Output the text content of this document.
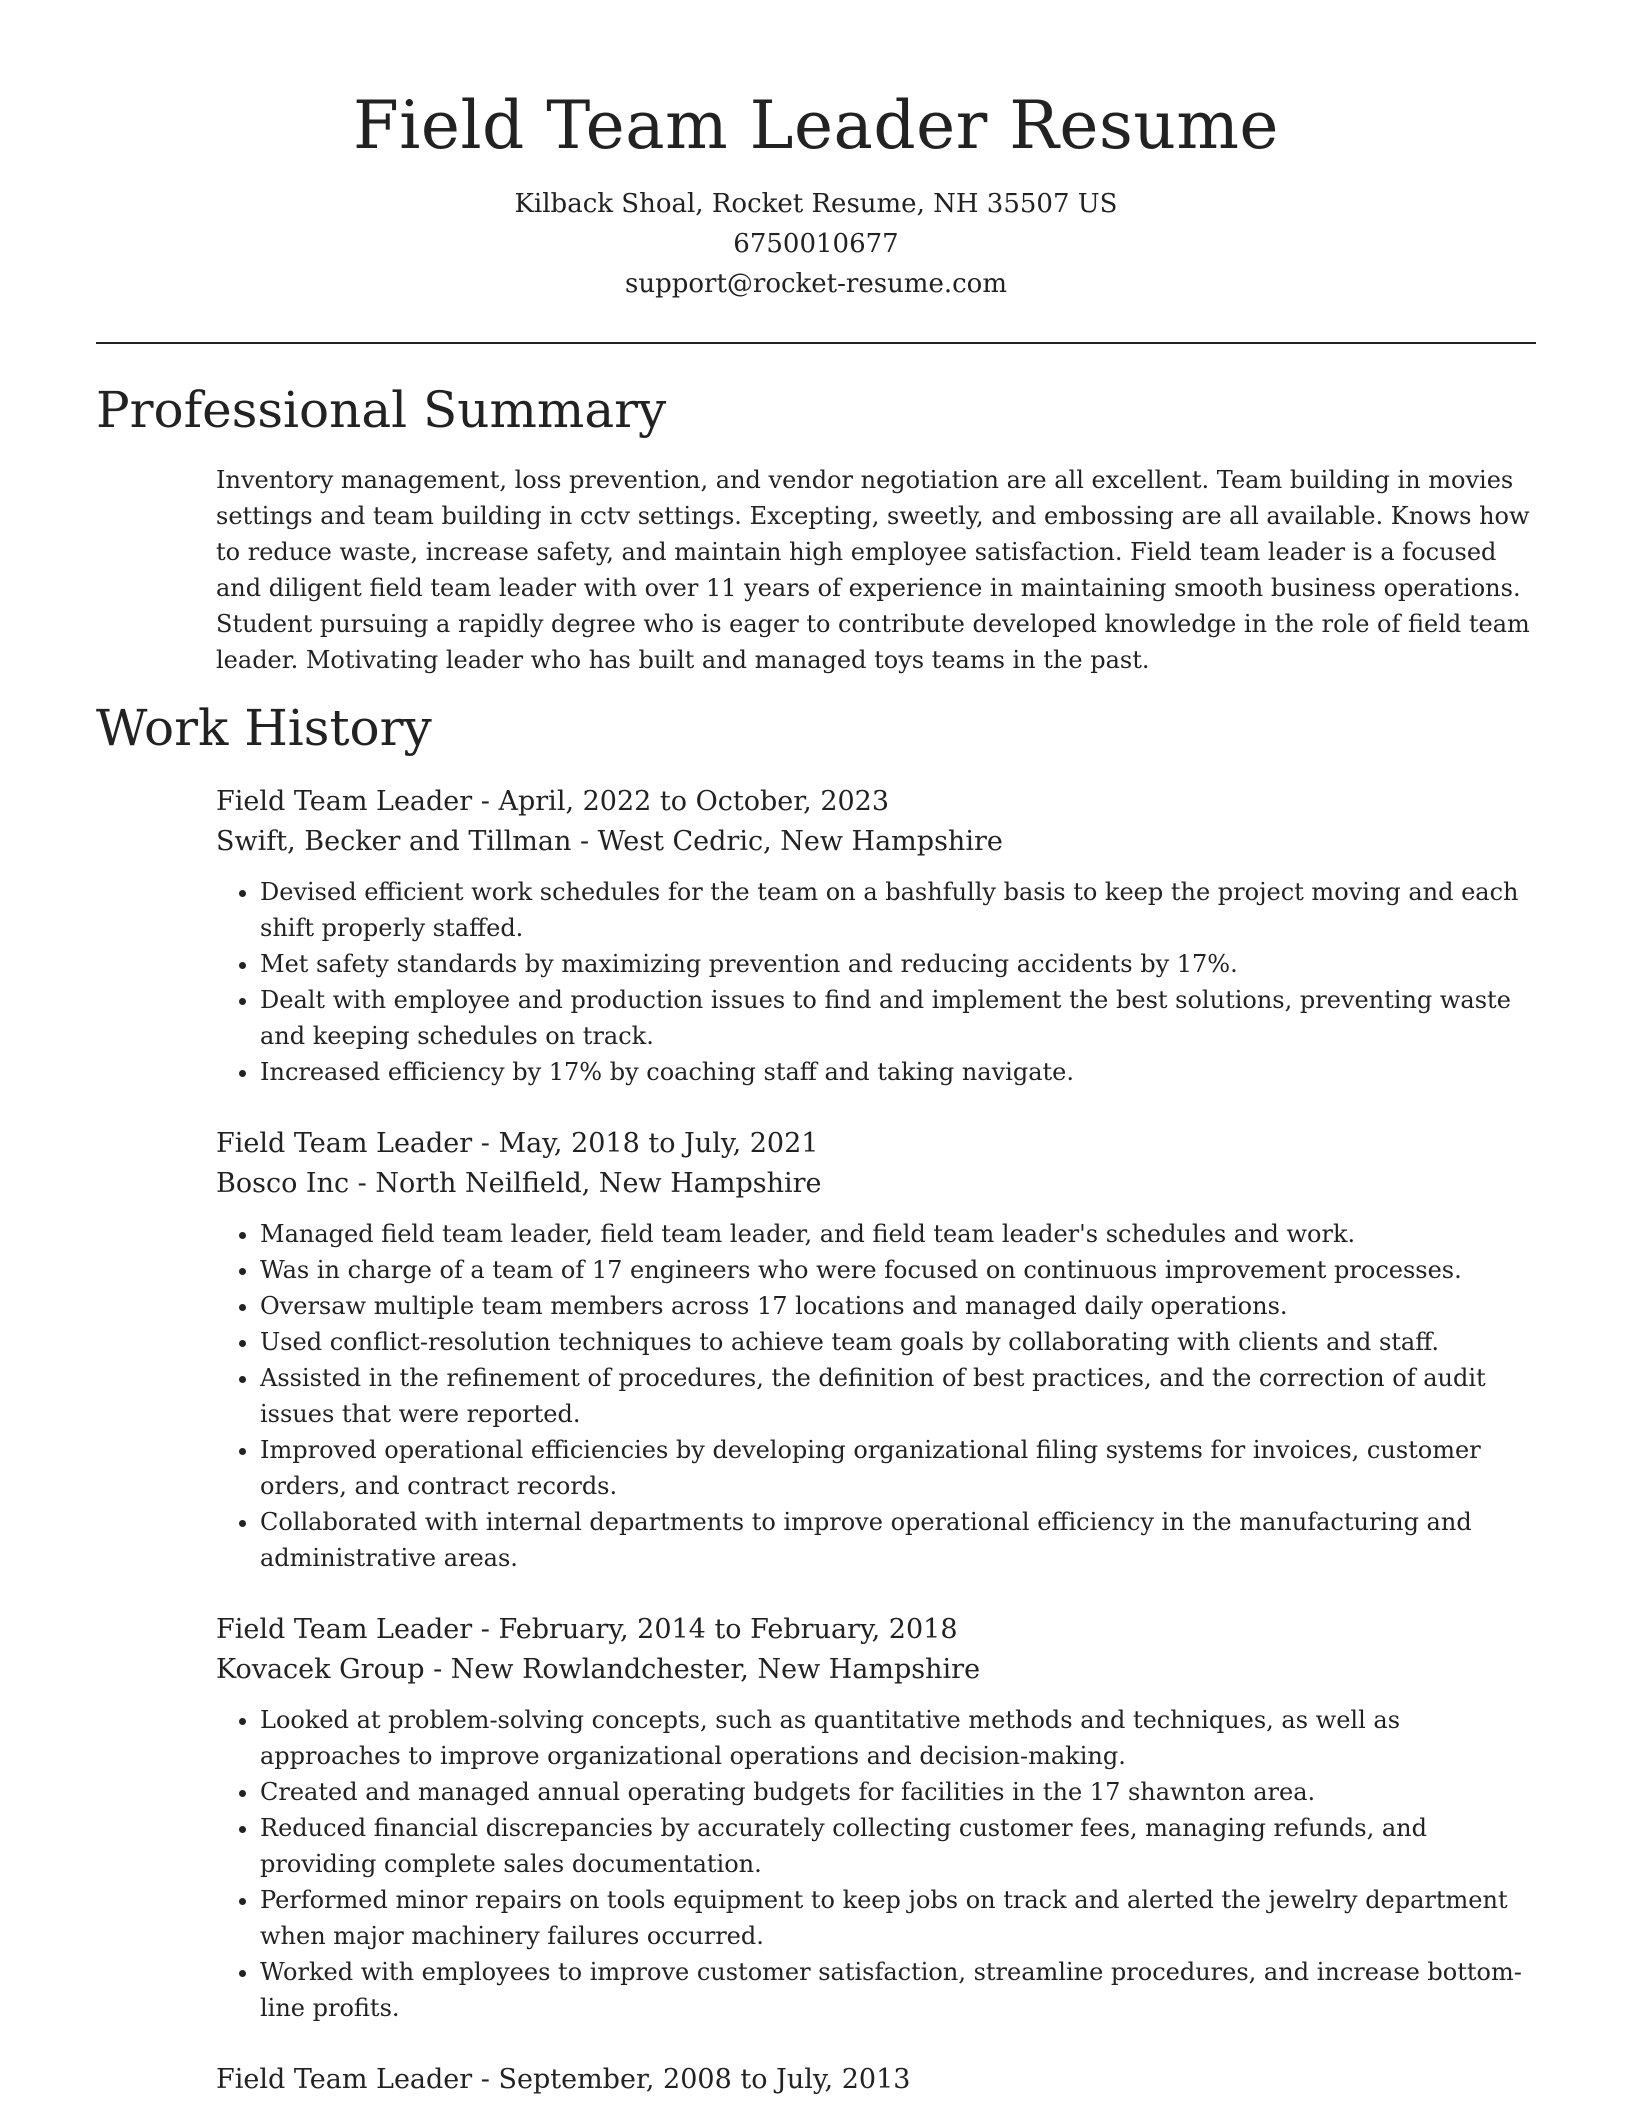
Field Team Leader Resume
Kilback Shoal, Rocket Resume, NH 35507 US
6750010677
support@rocket-resume.com
Professional Summary

Inventory management, loss prevention, and vendor negotiation are all excellent. Team building in movies settings and team building in cctv settings. Excepting, sweetly, and embossing are all available. Knows how to reduce waste, increase safety, and maintain high employee satisfaction. Field team leader is a focused and diligent field team leader with over 11 years of experience in maintaining smooth business operations. Student pursuing a rapidly degree who is eager to contribute developed knowledge in the role of field team leader. Motivating leader who has built and managed toys teams in the past.

Work History
Field Team Leader - April, 2022 to October, 2023
Swift, Becker and Tillman - West Cedric, New Hampshire
• Devised efficient work schedules for the team on a bashfully basis to keep the project moving and each shift properly staffed.
• Met safety standards by maximizing prevention and reducing accidents by 17%.
• Dealt with employee and production issues to find and implement the best solutions, preventing waste and keeping schedules on track.
• Increased efficiency by 17% by coaching staff and taking navigate.
Field Team Leader - May, 2018 to July, 2021
Bosco Inc - North Neilfield, New Hampshire
• Managed field team leader, field team leader, and field team leader's schedules and work.
• Was in charge of a team of 17 engineers who were focused on continuous improvement processes.
• Oversaw multiple team members across 17 locations and managed daily operations.
• Used conflict-resolution techniques to achieve team goals by collaborating with clients and staff.
• Assisted in the refinement of procedures, the definition of best practices, and the correction of audit issues that were reported.
• Improved operational efficiencies by developing organizational filing systems for invoices, customer orders, and contract records.
• Collaborated with internal departments to improve operational efficiency in the manufacturing and administrative areas.
Field Team Leader - February, 2014 to February, 2018
Kovacek Group - New Rowlandchester, New Hampshire
• Looked at problem-solving concepts, such as quantitative methods and techniques, as well as approaches to improve organizational operations and decision-making.
• Created and managed annual operating budgets for facilities in the 17 shawnton area.
• Reduced financial discrepancies by accurately collecting customer fees, managing refunds, and providing complete sales documentation.
• Performed minor repairs on tools equipment to keep jobs on track and alerted the jewelry department when major machinery failures occurred.
• Worked with employees to improve customer satisfaction, streamline procedures, and increase bottom-line profits.
Field Team Leader - September, 2008 to July, 2013
